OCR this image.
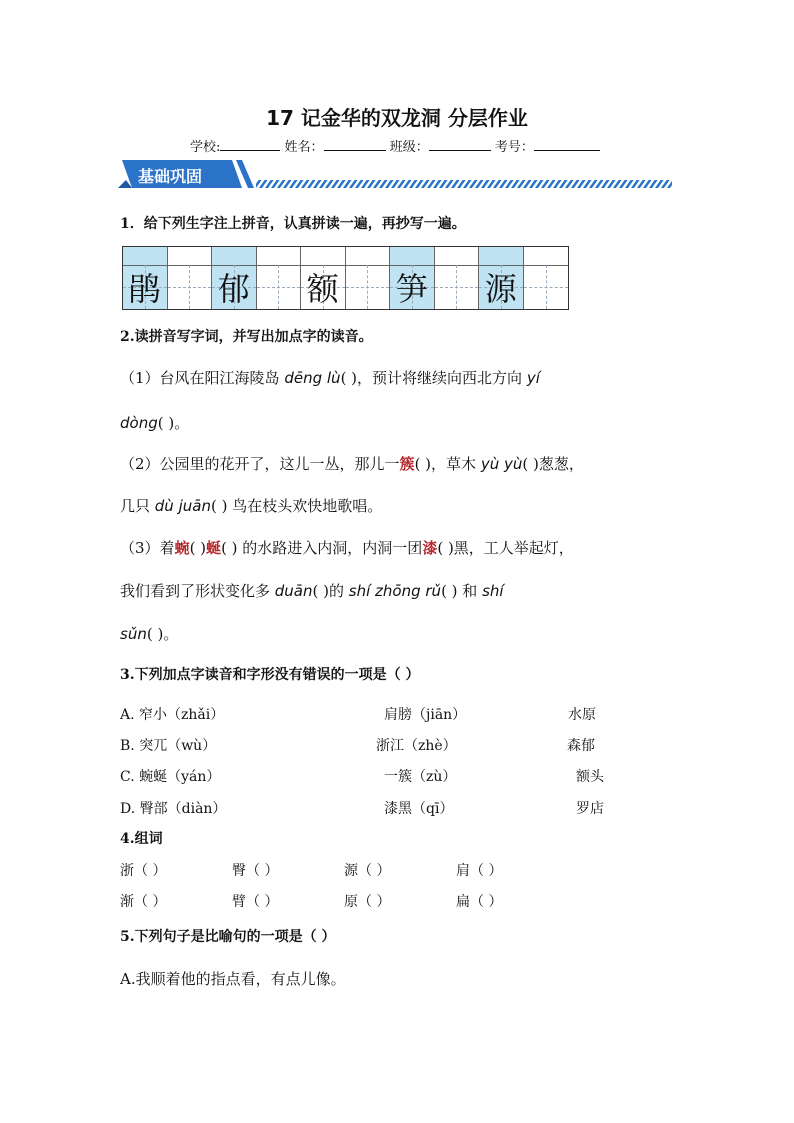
17 记金华的双龙洞 分层作业
学校:	姓名：	班级：	考号：
基础巩固
1．给下列生字注上拼音，认真拼读一遍，再抄写一遍。
鹃 郁 额 笋 源
2.读拼音写字词，并写出加点字的读音。
（1）台风在阳江海陵岛 dēng lù( )，预计将继续向西北方向 yí
dòng( )。
（2）公园里的花开了，这儿一丛，那儿一簇( )，草木 yù yù( )葱葱，
几只 dù juān( ) 鸟在枝头欢快地歌唱。
（3）着蜿( )蜒( ) 的水路进入内洞，内洞一团漆( )黑，工人举起灯，
我们看到了形状变化多 duān( )的 shí zhōng rǔ( ) 和 shí
sǔn( )。
3.下列加点字读音和字形没有错误的一项是（ ）
A. 窄小（zhǎi）	肩膀（jiān）	水原
B. 突兀（wù）	浙江（zhè）	森郁
C. 蜿蜒（yán）	一簇（zù）	额头
D. 臀部（diàn）	漆黑（qī）	罗店
4.组词
浙（ ）	臀（ ）	源（ ）	肩（ ）
渐（ ）	臂（ ）	原（ ）	扁（ ）
5.下列句子是比喻句的一项是（ ）
A.我顺着他的指点看，有点儿像。
